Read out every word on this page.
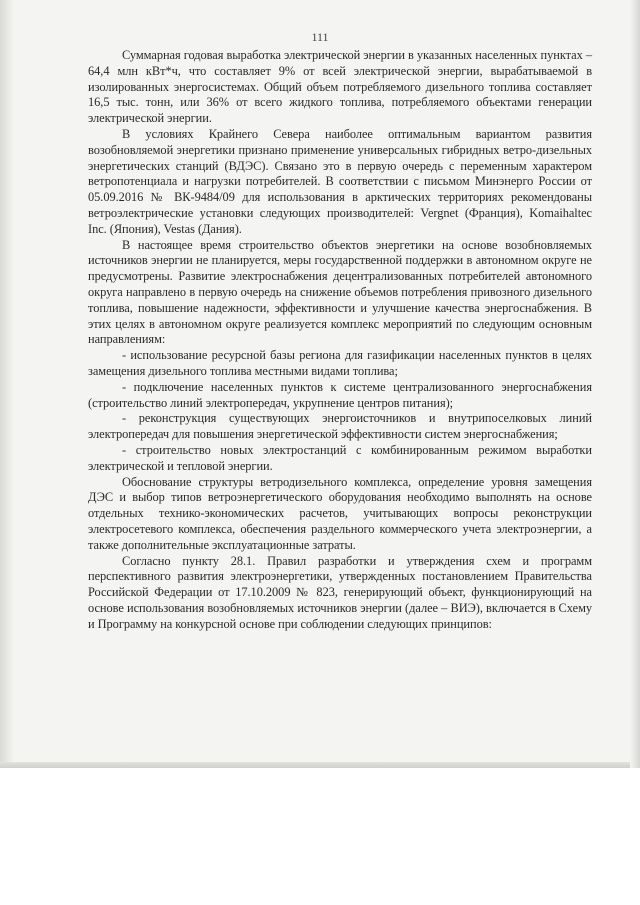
111

Суммарная годовая выработка электрической энергии в указанных населенных пунктах – 64,4 млн кВт*ч, что составляет 9% от всей электрической энергии, вырабатываемой в изолированных энергосистемах. Общий объем потребляемого дизельного топлива составляет 16,5 тыс. тонн, или 36% от всего жидкого топлива, потребляемого объектами генерации электрической энергии.

В условиях Крайнего Севера наиболее оптимальным вариантом развития возобновляемой энергетики признано применение универсальных гибридных ветро-дизельных энергетических станций (ВДЭС). Связано это в первую очередь с переменным характером ветропотенциала и нагрузки потребителей. В соответствии с письмом Минэнерго России от 05.09.2016 № ВК-9484/09 для использования в арктических территориях рекомендованы ветроэлектрические установки следующих производителей: Vergnet (Франция), Komaihaltec Inc. (Япония), Vestas (Дания).

В настоящее время строительство объектов энергетики на основе возобновляемых источников энергии не планируется, меры государственной поддержки в автономном округе не предусмотрены. Развитие электроснабжения децентрализованных потребителей автономного округа направлено в первую очередь на снижение объемов потребления привозного дизельного топлива, повышение надежности, эффективности и улучшение качества энергоснабжения. В этих целях в автономном округе реализуется комплекс мероприятий по следующим основным направлениям:

- использование ресурсной базы региона для газификации населенных пунктов в целях замещения дизельного топлива местными видами топлива;

- подключение населенных пунктов к системе централизованного энергоснабжения (строительство линий электропередач, укрупнение центров питания);

- реконструкция существующих энергоисточников и внутрипоселковых линий электропередач для повышения энергетической эффективности систем энергоснабжения;

- строительство новых электростанций с комбинированным режимом выработки электрической и тепловой энергии.

Обоснование структуры ветродизельного комплекса, определение уровня замещения ДЭС и выбор типов ветроэнергетического оборудования необходимо выполнять на основе отдельных технико-экономических расчетов, учитывающих вопросы реконструкции электросетевого комплекса, обеспечения раздельного коммерческого учета электроэнергии, а также дополнительные эксплуатационные затраты.

Согласно пункту 28.1. Правил разработки и утверждения схем и программ перспективного развития электроэнергетики, утвержденных постановлением Правительства Российской Федерации от 17.10.2009 № 823, генерирующий объект, функционирующий на основе использования возобновляемых источников энергии (далее – ВИЭ), включается в Схему и Программу на конкурсной основе при соблюдении следующих принципов:
